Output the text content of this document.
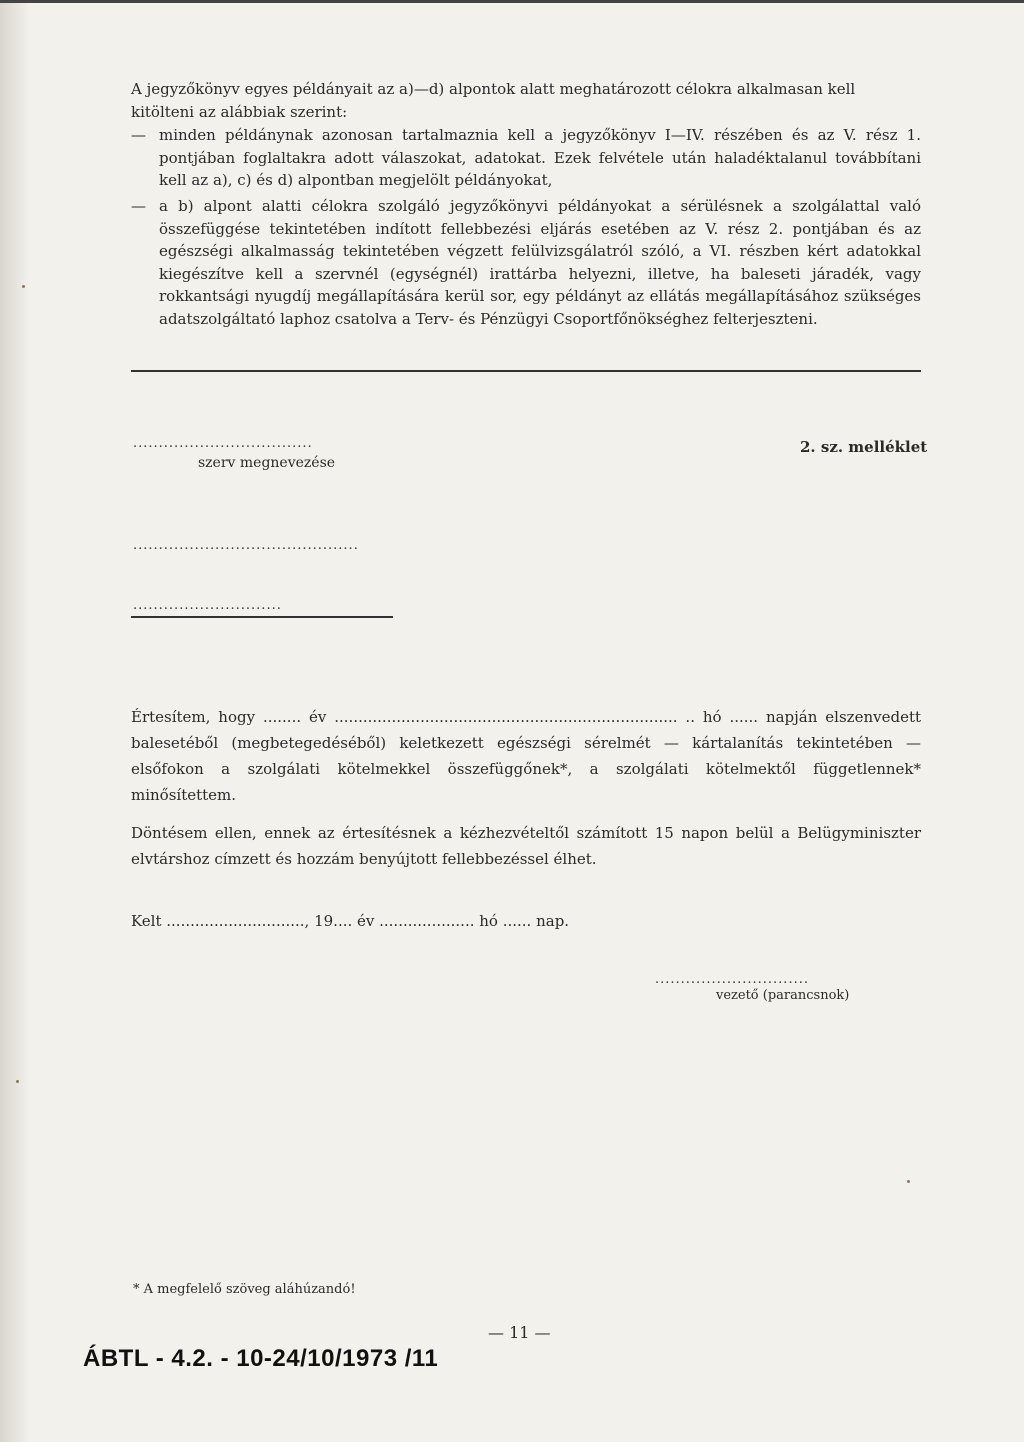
A jegyzőkönyv egyes példányait az a)—d) alpontok alatt meghatározott célokra alkalmasan kell kitölteni az alábbiak szerint:
— minden példánynak azonosan tartalmaznia kell a jegyzőkönyv I—IV. részében és az V. rész 1. pontjában foglaltakra adott válaszokat, adatokat. Ezek felvétele után haladéktalanul továbbítani kell az a), c) és d) alpontban megjelölt példányokat,
— a b) alpont alatti célokra szolgáló jegyzőkönyvi példányokat a sérülésnek a szolgálattal való összefüggése tekintetében indított fellebbezési eljárás esetében az V. rész 2. pontjában és az egészségi alkalmasság tekintetében végzett felülvizsgálatról szóló, a VI. részben kért adatokkal kiegészítve kell a szervnél (egységnél) irattárba helyezni, illetve, ha baleseti járadék, vagy rokkantsági nyugdíj megállapítására kerül sor, egy példányt az ellátás megállapításához szükséges adatszolgáltató laphoz csatolva a Terv- és Pénzügyi Csoportfőnökséghez felterjeszteni.
...................................
szerv megnevezése
2. sz. melléklet
............................................
.............................
Értesítem, hogy ........ év ........................................................................ .. hó ...... napján elszenvedett balesetéből (megbetegedéséből) keletkezett egészségi sérelmét — kártalanítás tekintetében — elsőfokon a szolgálati kötelmekkel összefüggőnek*, a szolgálati kötelmektől függetlennek* minősítettem.
Döntésem ellen, ennek az értesítésnek a kézhezvételtől számított 15 napon belül a Belügyminiszter elvtárshoz címzett és hozzám benyújtott fellebbezéssel élhet.
Kelt ............................., 19.... év .................... hó ...... nap.
..............................
vezető (parancsnok)
* A megfelelő szöveg aláhúzandó!
— 11 —
ÁBTL - 4.2. - 10-24/10/1973 /11
